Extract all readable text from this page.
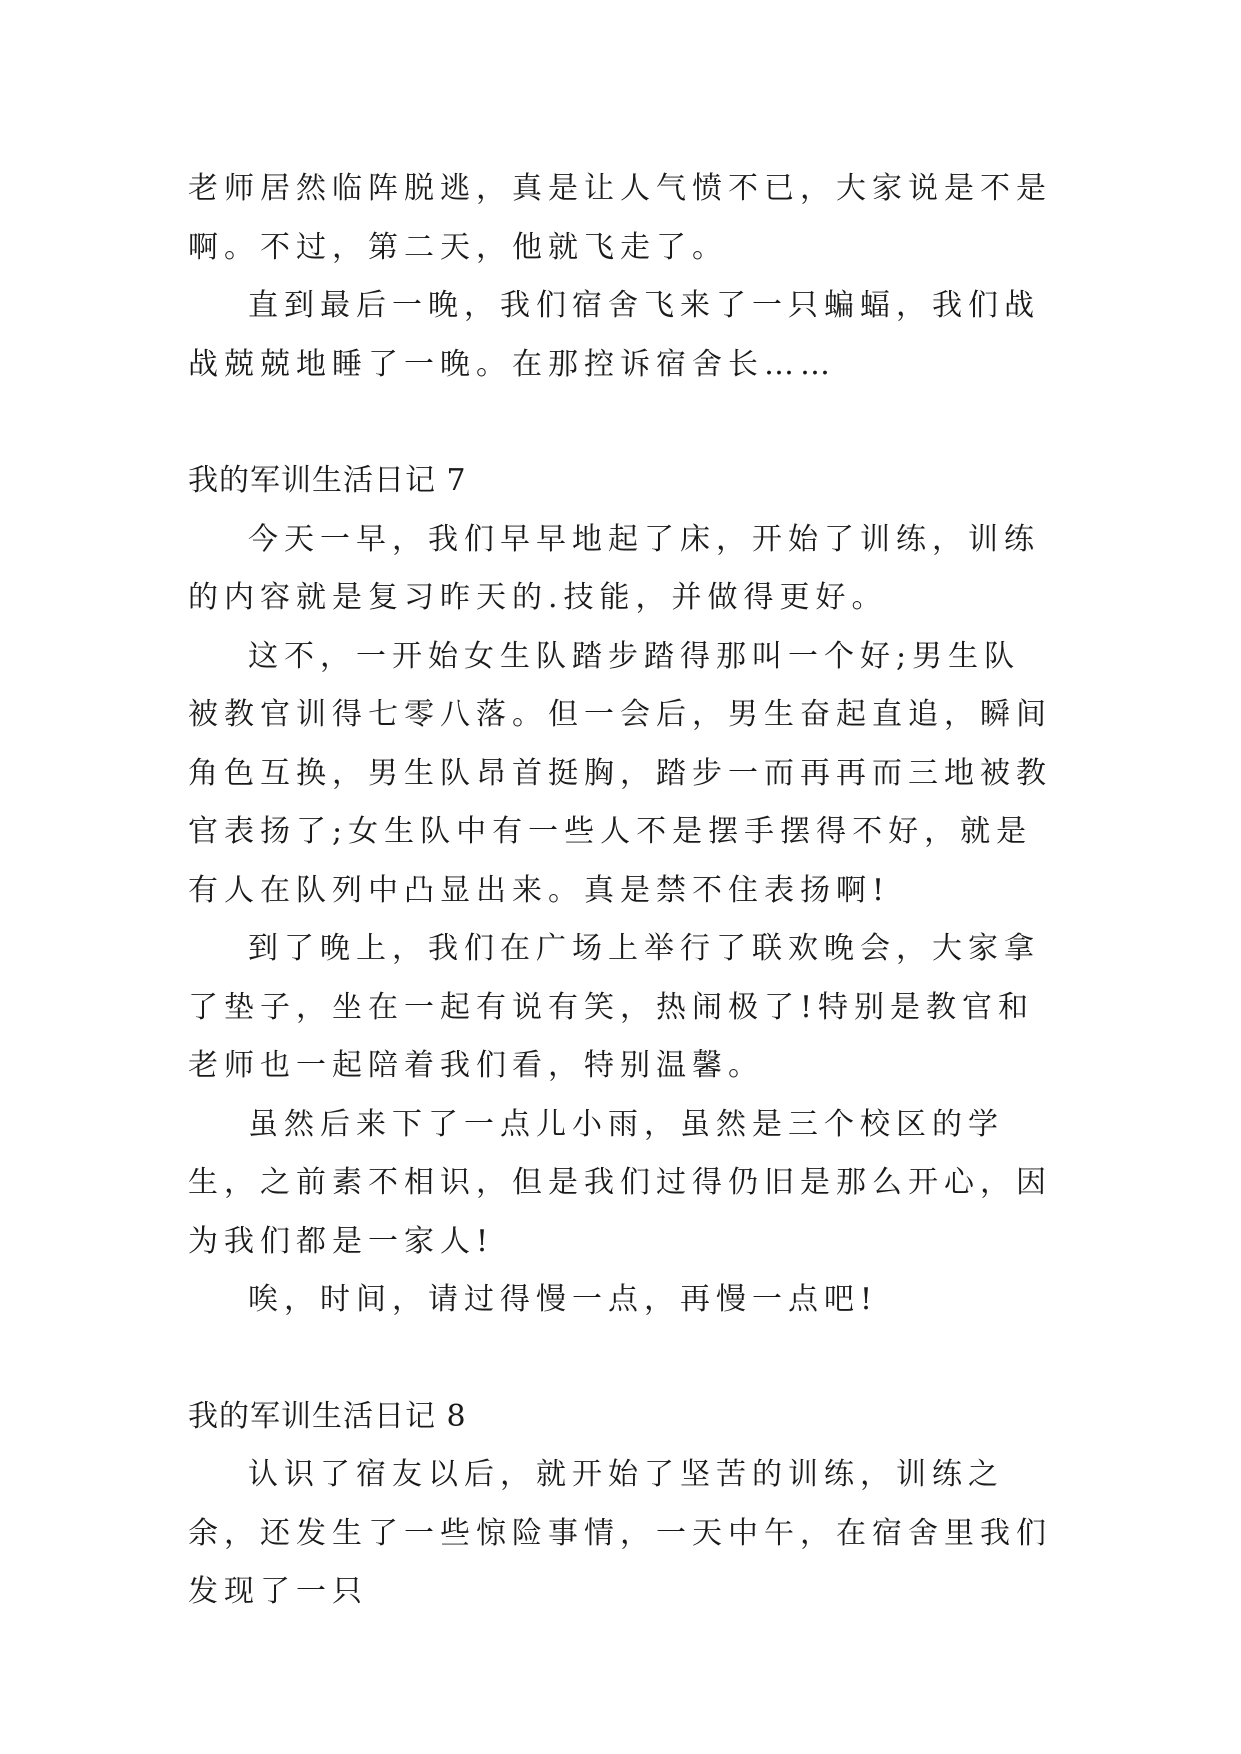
老师居然临阵脱逃，真是让人气愤不已，大家说是不是啊。不过，第二天，他就飞走了。

直到最后一晚，我们宿舍飞来了一只蝙蝠，我们战战兢兢地睡了一晚。在那控诉宿舍长……

我的军训生活日记 7

今天一早，我们早早地起了床，开始了训练，训练的内容就是复习昨天的.技能，并做得更好。

这不，一开始女生队踏步踏得那叫一个好;男生队被教官训得七零八落。但一会后，男生奋起直追，瞬间角色互换，男生队昂首挺胸，踏步一而再再而三地被教官表扬了;女生队中有一些人不是摆手摆得不好，就是有人在队列中凸显出来。真是禁不住表扬啊!

到了晚上，我们在广场上举行了联欢晚会，大家拿了垫子，坐在一起有说有笑，热闹极了!特别是教官和老师也一起陪着我们看，特别温馨。

虽然后来下了一点儿小雨，虽然是三个校区的学生，之前素不相识，但是我们过得仍旧是那么开心，因为我们都是一家人!

唉，时间，请过得慢一点，再慢一点吧!

我的军训生活日记 8

认识了宿友以后，就开始了坚苦的训练，训练之余，还发生了一些惊险事情，一天中午，在宿舍里我们发现了一只
